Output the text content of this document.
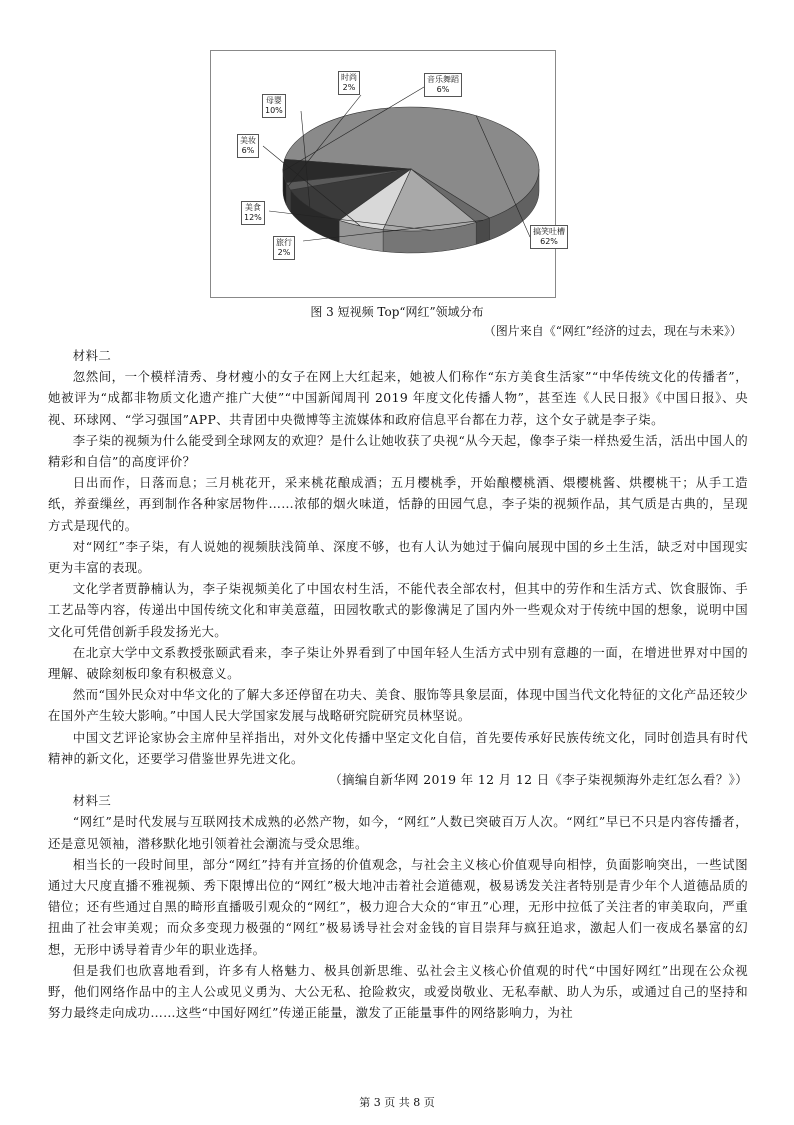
搞笑吐槽
62%
旅行
2%
美食
12%
美妆
6%
母婴
10%
时尚
2%
音乐舞蹈
6%
图 3 短视频 Top“网红”领域分布
（图片来自《“网红”经济的过去，现在与未来》）

材料二

忽然间，一个模样清秀、身材瘦小的女子在网上大红起来，她被人们称作“东方美食生活家”“中华传统文化的传播者”，她被评为“成都非物质文化遗产推广大使”“中国新闻周刊 2019 年度文化传播人物”，甚至连《人民日报》《中国日报》、央视、环球网、“学习强国”APP、共青团中央微博等主流媒体和政府信息平台都在力荐，这个女子就是李子柒。

李子柒的视频为什么能受到全球网友的欢迎？是什么让她收获了央视“从今天起，像李子柒一样热爱生活，活出中国人的精彩和自信”的高度评价？

日出而作，日落而息；三月桃花开，采来桃花酿成酒；五月樱桃季，开始酿樱桃酒、煨樱桃酱、烘樱桃干；从手工造纸，养蚕缫丝，再到制作各种家居物件……浓郁的烟火味道，恬静的田园气息，李子柒的视频作品，其气质是古典的，呈现方式是现代的。

对“网红”李子柒，有人说她的视频肤浅简单、深度不够，也有人认为她过于偏向展现中国的乡土生活，缺乏对中国现实更为丰富的表现。

文化学者贾静楠认为，李子柒视频美化了中国农村生活，不能代表全部农村，但其中的劳作和生活方式、饮食服饰、手工艺品等内容，传递出中国传统文化和审美意蕴，田园牧歌式的影像满足了国内外一些观众对于传统中国的想象，说明中国文化可凭借创新手段发扬光大。

在北京大学中文系教授张颐武看来，李子柒让外界看到了中国年轻人生活方式中别有意趣的一面，在增进世界对中国的理解、破除刻板印象有积极意义。

然而“国外民众对中华文化的了解大多还停留在功夫、美食、服饰等具象层面，体现中国当代文化特征的文化产品还较少在国外产生较大影响。”中国人民大学国家发展与战略研究院研究员林坚说。

中国文艺评论家协会主席仲呈祥指出，对外文化传播中坚定文化自信，首先要传承好民族传统文化，同时创造具有时代精神的新文化，还要学习借鉴世界先进文化。

（摘编自新华网 2019 年 12 月 12 日《李子柒视频海外走红怎么看？》）

材料三

“网红”是时代发展与互联网技术成熟的必然产物，如今，“网红”人数已突破百万人次。“网红”早已不只是内容传播者，还是意见领袖，潜移默化地引领着社会潮流与受众思维。

相当长的一段时间里，部分“网红”持有并宣扬的价值观念，与社会主义核心价值观导向相悖，负面影响突出，一些试图通过大尺度直播不雅视频、秀下限博出位的“网红”极大地冲击着社会道德观，极易诱发关注者特别是青少年个人道德品质的错位；还有些通过自黑的畸形直播吸引观众的“网红”，极力迎合大众的“审丑”心理，无形中拉低了关注者的审美取向，严重扭曲了社会审美观；而众多变现力极强的“网红”极易诱导社会对金钱的盲目崇拜与疯狂追求，激起人们一夜成名暴富的幻想，无形中诱导着青少年的职业选择。

但是我们也欣喜地看到，许多有人格魅力、极具创新思维、弘社会主义核心价值观的时代“中国好网红”出现在公众视野，他们网络作品中的主人公或见义勇为、大公无私、抢险救灾，或爱岗敬业、无私奉献、助人为乐，或通过自己的坚持和努力最终走向成功……这些“中国好网红”传递正能量，激发了正能量事件的网络影响力，为社

第 3 页 共 8 页
